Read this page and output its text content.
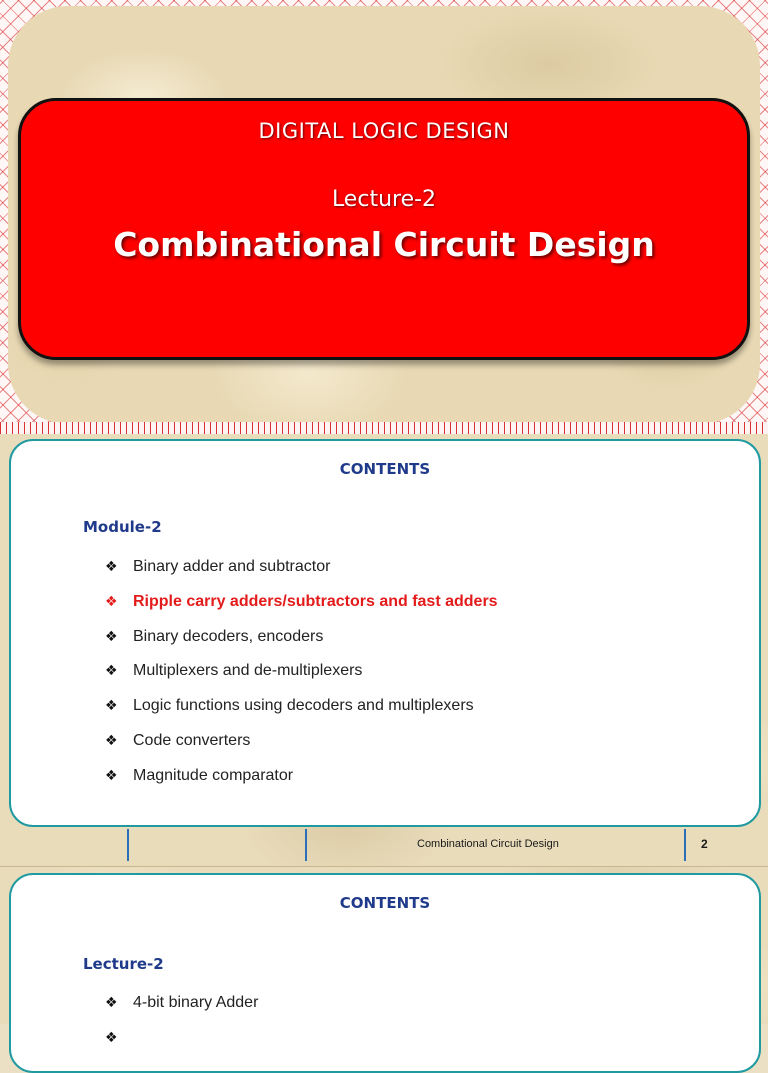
DIGITAL LOGIC DESIGN
Lecture-2
Combinational Circuit Design
CONTENTS
Module-2
❖ Binary adder and subtractor
❖ Ripple carry adders/subtractors and fast adders
❖ Binary decoders, encoders
❖ Multiplexers and de-multiplexers
❖ Logic functions using decoders and multiplexers
❖ Code converters
❖ Magnitude comparator
Combinational Circuit Design	2
CONTENTS
Lecture-2
❖ 4-bit binary Adder
❖
